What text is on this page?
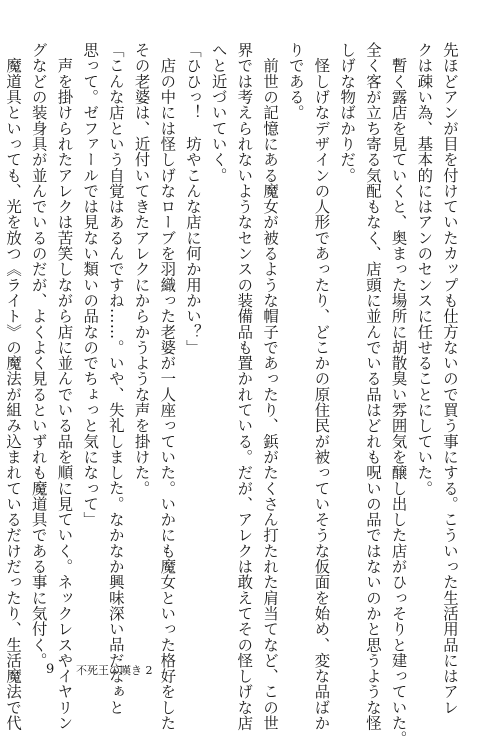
先ほどアンが目を付けていたカップも仕方ないので買う事にする。こういった生活用品にはアレ

クは疎い為、基本的にはアンのセンスに任せることにしていた。

　暫く露店を見ていくと、奥まった場所に胡散臭い雰囲気を醸し出した店がひっそりと建っていた。

全く客が立ち寄る気配もなく、店頭に並んでいる品はどれも呪いの品ではないのかと思うような怪

しげな物ばかりだ。

　怪しげなデザインの人形であったり、どこかの原住民が被っていそうな仮面を始め、変な品ばか

りである。

　前世の記憶にある魔女が被るような帽子であったり、鋲がたくさん打たれた肩当てなど、この世

界では考えられないようなセンスの装備品も置かれている。だが、アレクは敢えてその怪しげな店

へと近づいていく。

「ひひっ！　坊やこんな店に何か用かい？」

　店の中には怪しげなローブを羽織った老婆が一人座っていた。いかにも魔女といった格好をした

その老婆は、近付いてきたアレクにからかうような声を掛けた。

「こんな店という自覚はあるんですね……。いや、失礼しました。なかなか興味深い品だなぁと

思って。ゼファールでは見ない類いの品なのでちょっと気になって」

　声を掛けられたアレクは苦笑しながら店に並んでいる品を順に見ていく。ネックレスやイヤリン

グなどの装身具が並んでいるのだが、よくよく見るといずれも魔道具である事に気付く。

　魔道具といっても、光を放つ《ライト》の魔法が組み込まれているだけだったり、生活魔法で代 9 不死王の嘆き 2
